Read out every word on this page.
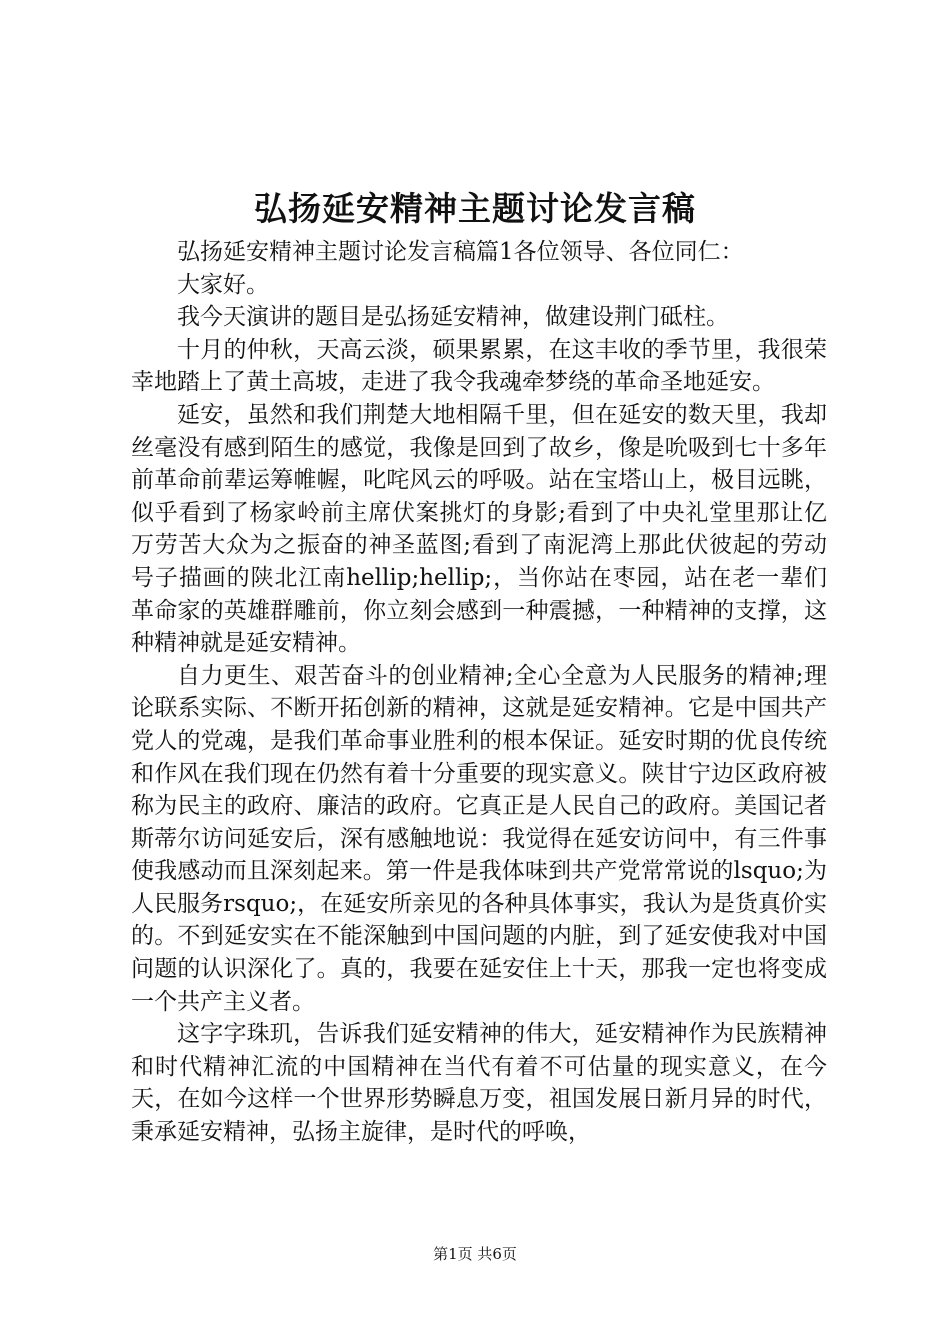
弘扬延安精神主题讨论发言稿

弘扬延安精神主题讨论发言稿篇1各位领导、各位同仁：

大家好。

我今天演讲的题目是弘扬延安精神，做建设荆门砥柱。

十月的仲秋，天高云淡，硕果累累，在这丰收的季节里，我很荣幸地踏上了黄土高坡，走进了我令我魂牵梦绕的革命圣地延安。

延安，虽然和我们荆楚大地相隔千里，但在延安的数天里，我却丝毫没有感到陌生的感觉，我像是回到了故乡，像是吮吸到七十多年前革命前辈运筹帷幄，叱咤风云的呼吸。站在宝塔山上，极目远眺，似乎看到了杨家岭前主席伏案挑灯的身影;看到了中央礼堂里那让亿万劳苦大众为之振奋的神圣蓝图;看到了南泥湾上那此伏彼起的劳动号子描画的陕北江南hellip;hellip;，当你站在枣园，站在老一辈们革命家的英雄群雕前，你立刻会感到一种震撼，一种精神的支撑，这种精神就是延安精神。

自力更生、艰苦奋斗的创业精神;全心全意为人民服务的精神;理论联系实际、不断开拓创新的精神，这就是延安精神。它是中国共产党人的党魂，是我们革命事业胜利的根本保证。延安时期的优良传统和作风在我们现在仍然有着十分重要的现实意义。陕甘宁边区政府被称为民主的政府、廉洁的政府。它真正是人民自己的政府。美国记者斯蒂尔访问延安后，深有感触地说：我觉得在延安访问中，有三件事使我感动而且深刻起来。第一件是我体味到共产党常常说的lsquo;为人民服务rsquo;，在延安所亲见的各种具体事实，我认为是货真价实的。不到延安实在不能深触到中国问题的内脏，到了延安使我对中国问题的认识深化了。真的，我要在延安住上十天，那我一定也将变成一个共产主义者。

这字字珠玑，告诉我们延安精神的伟大，延安精神作为民族精神和时代精神汇流的中国精神在当代有着不可估量的现实意义，在今天，在如今这样一个世界形势瞬息万变，祖国发展日新月异的时代，秉承延安精神，弘扬主旋律，是时代的呼唤，

第1页 共6页
